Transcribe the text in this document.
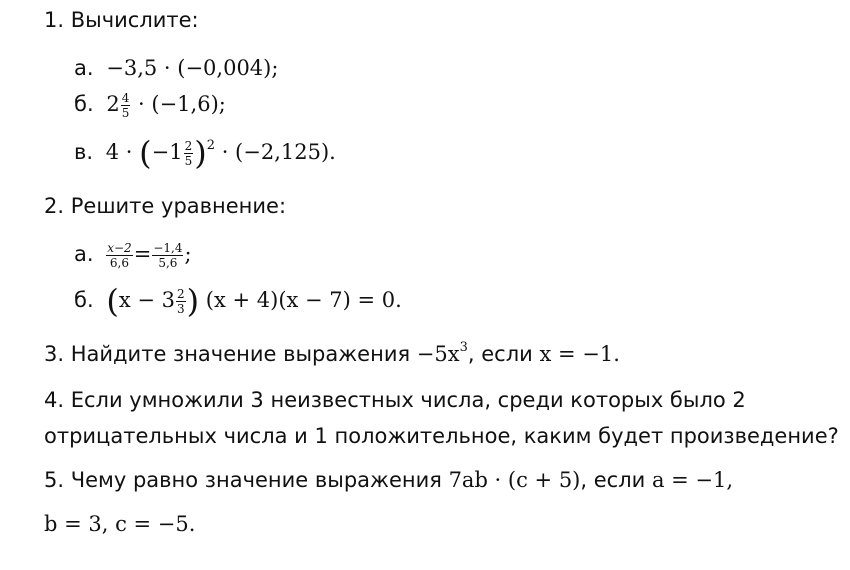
1. Вычислите:
а. −3,5 · (−0,004);
б. $2 \frac{4}{5} \cdot (-1,6)$;
в. $4 \cdot (-1 \frac{2}{5} )^2 \cdot (-2,125)$.
2. Решите уравнение:
а. $\frac{x-2}{6,6} = \frac{-1,4}{5,6}$ ;
б. ($x - 3 \frac{2}{3}$ ) (x + 4)(x − 7) = 0.
3. Найдите значение выражения $-5x^3$, если x = −1.
4. Если умножили 3 неизвестных числа, среди которых было 2
отрицательных числа и 1 положительное, каким будет произведение?
5. Чему равно значение выражения 7ab · (c + 5), если a = −1,
b = 3, c = −5.
